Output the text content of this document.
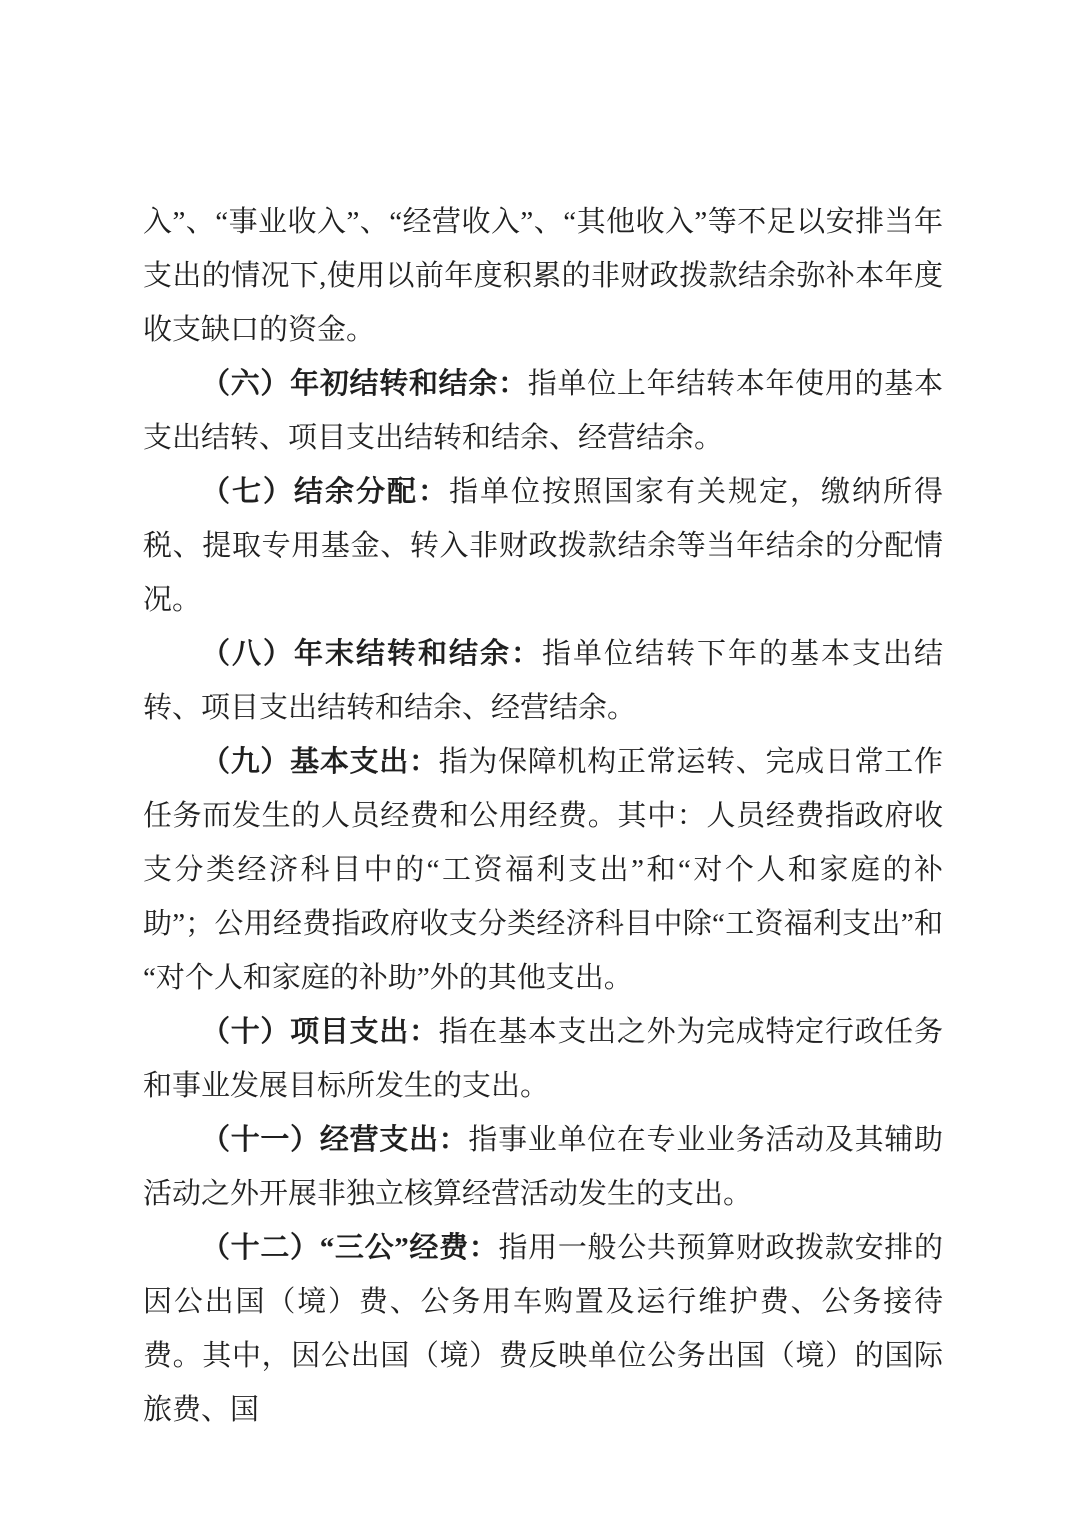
入”、“事业收入”、“经营收入”、“其他收入”等不足以安排当年支出的情况下,使用以前年度积累的非财政拨款结余弥补本年度收支缺口的资金。

（六）年初结转和结余：指单位上年结转本年使用的基本支出结转、项目支出结转和结余、经营结余。

（七）结余分配：指单位按照国家有关规定，缴纳所得税、提取专用基金、转入非财政拨款结余等当年结余的分配情况。

（八）年末结转和结余：指单位结转下年的基本支出结转、项目支出结转和结余、经营结余。

（九）基本支出：指为保障机构正常运转、完成日常工作任务而发生的人员经费和公用经费。其中：人员经费指政府收支分类经济科目中的“工资福利支出”和“对个人和家庭的补助”；公用经费指政府收支分类经济科目中除“工资福利支出”和“对个人和家庭的补助”外的其他支出。

（十）项目支出：指在基本支出之外为完成特定行政任务和事业发展目标所发生的支出。

（十一）经营支出：指事业单位在专业业务活动及其辅助活动之外开展非独立核算经营活动发生的支出。

（十二）“三公”经费：指用一般公共预算财政拨款安排的因公出国（境）费、公务用车购置及运行维护费、公务接待费。其中，因公出国（境）费反映单位公务出国（境）的国际旅费、国
